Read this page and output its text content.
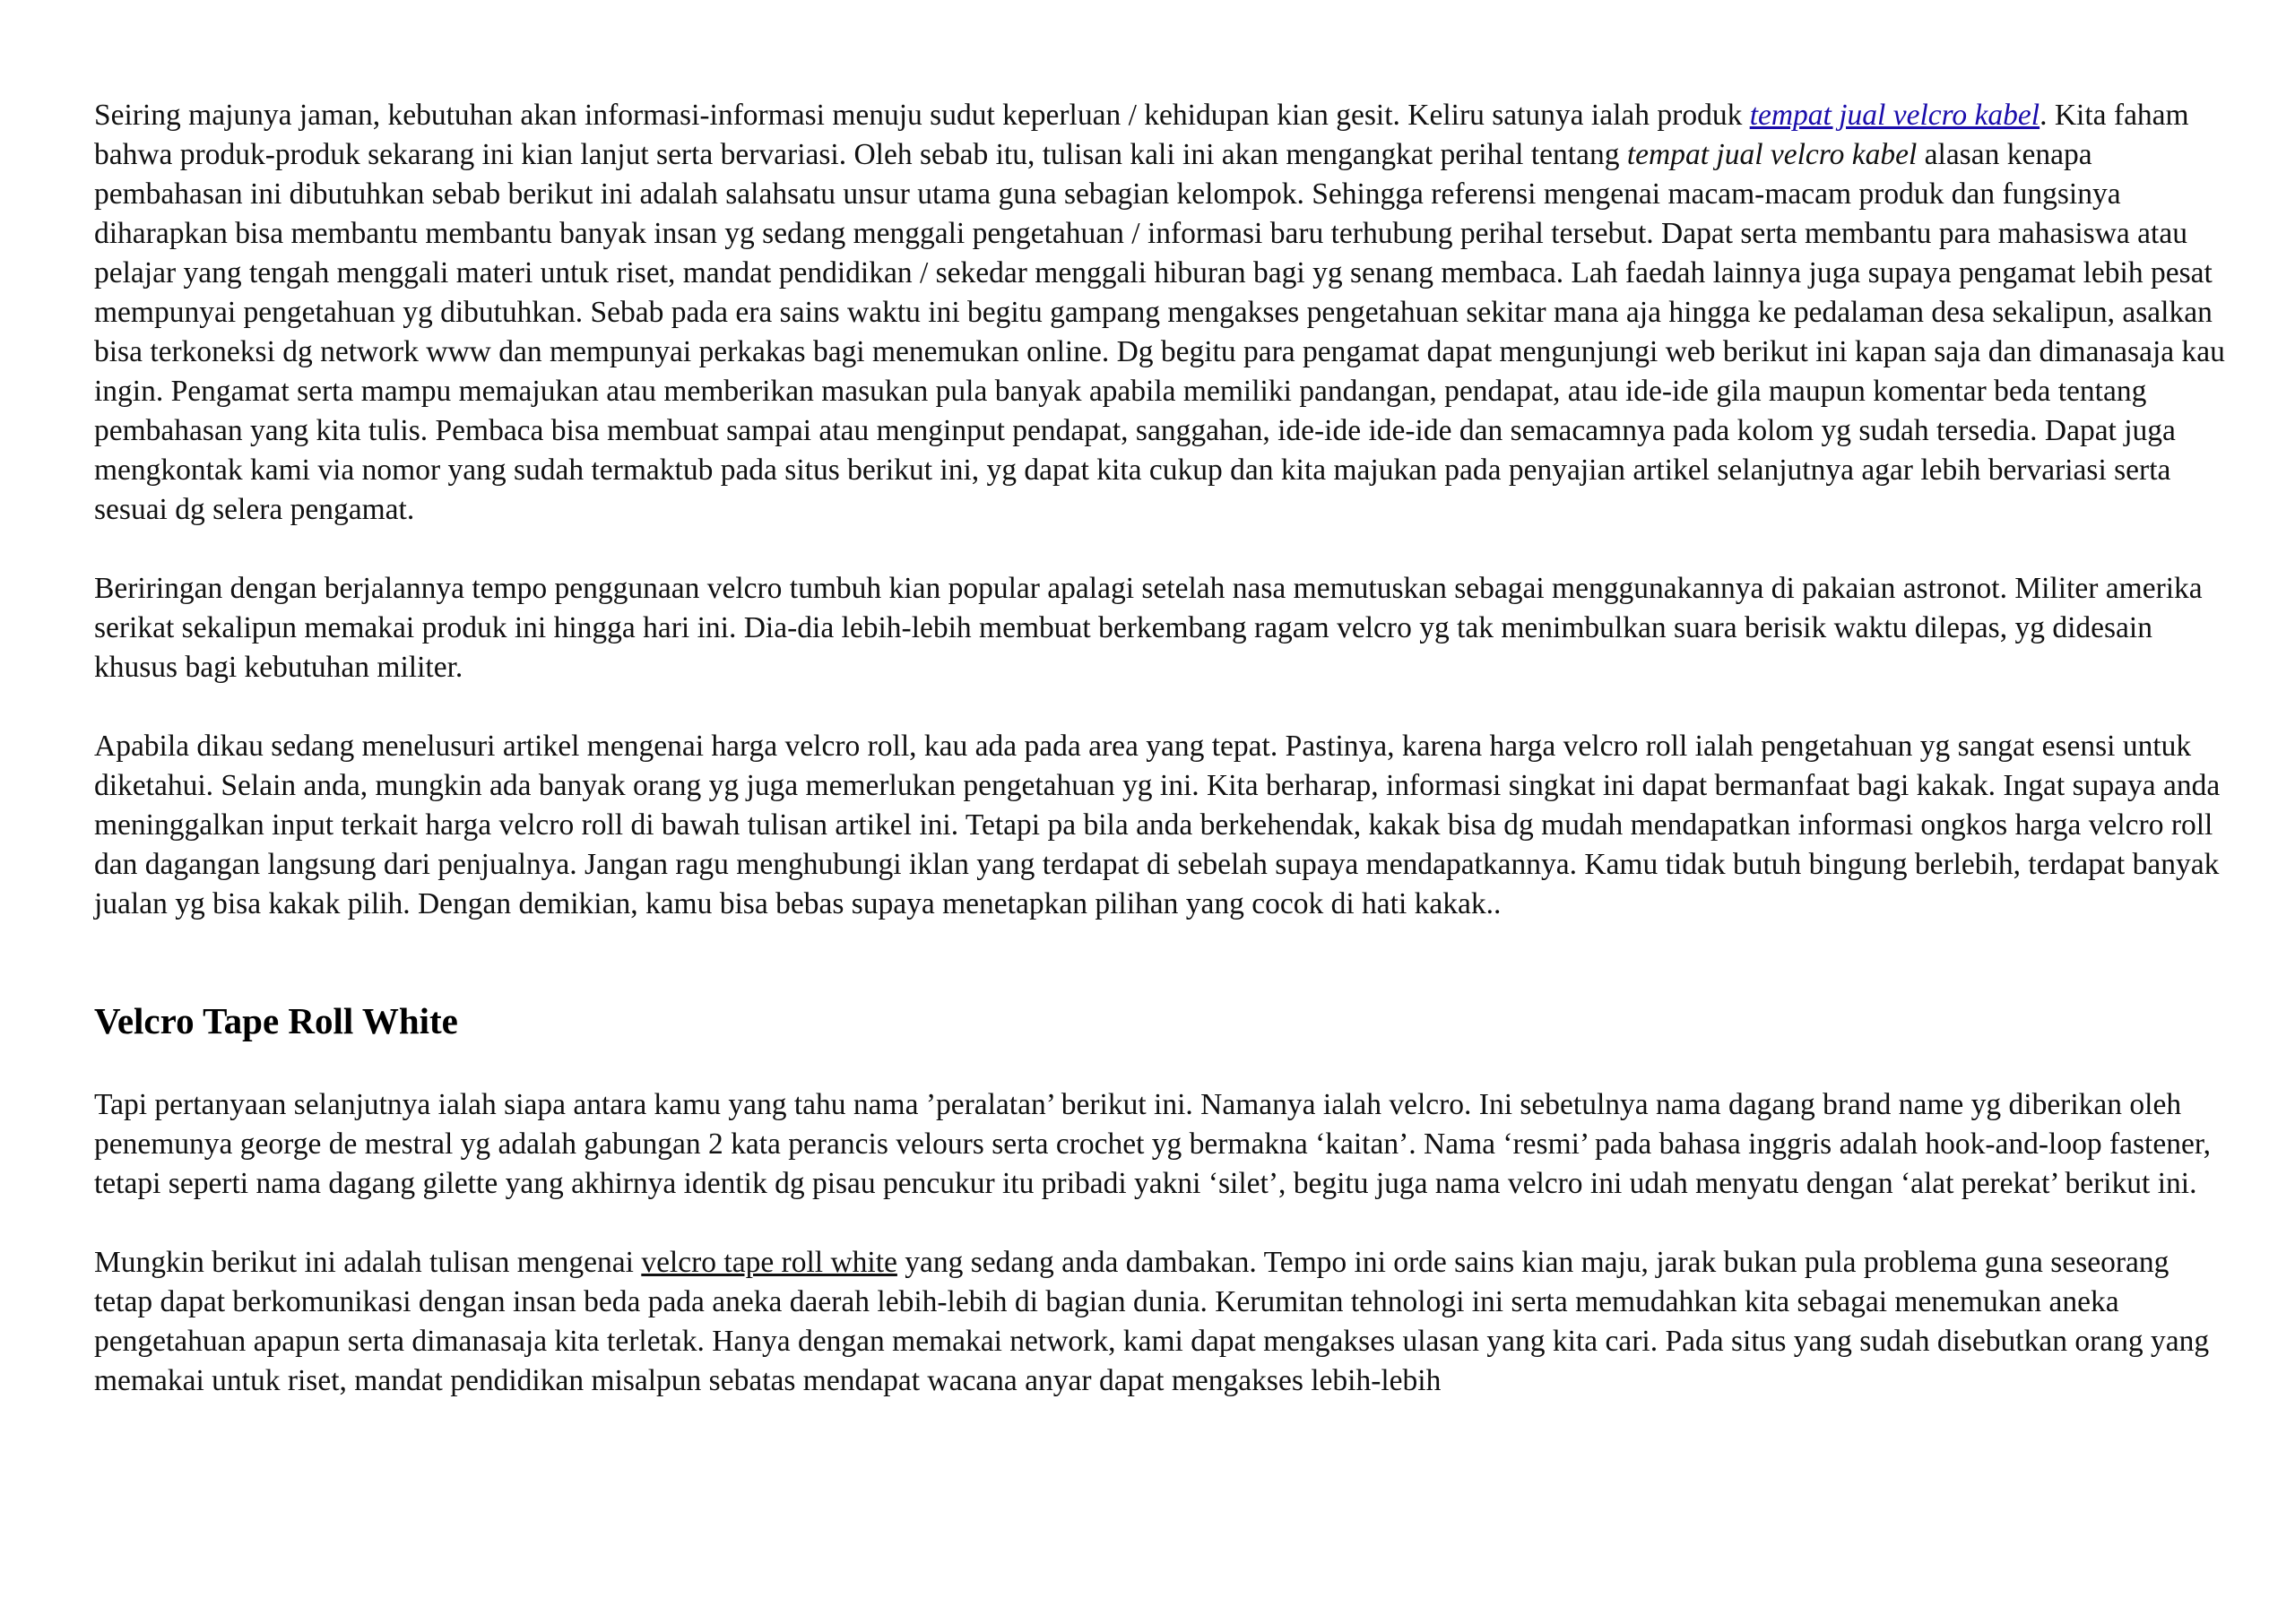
Seiring majunya jaman, kebutuhan akan informasi-informasi menuju sudut keperluan / kehidupan kian gesit. Keliru satunya ialah produk tempat jual velcro kabel. Kita faham bahwa produk-produk sekarang ini kian lanjut serta bervariasi. Oleh sebab itu, tulisan kali ini akan mengangkat perihal tentang tempat jual velcro kabel alasan kenapa pembahasan ini dibutuhkan sebab berikut ini adalah salahsatu unsur utama guna sebagian kelompok. Sehingga referensi mengenai macam-macam produk dan fungsinya diharapkan bisa membantu membantu banyak insan yg sedang menggali pengetahuan / informasi baru terhubung perihal tersebut. Dapat serta membantu para mahasiswa atau pelajar yang tengah menggali materi untuk riset, mandat pendidikan / sekedar menggali hiburan bagi yg senang membaca. Lah faedah lainnya juga supaya pengamat lebih pesat mempunyai pengetahuan yg dibutuhkan. Sebab pada era sains waktu ini begitu gampang mengakses pengetahuan sekitar mana aja hingga ke pedalaman desa sekalipun, asalkan bisa terkoneksi dg network www dan mempunyai perkakas bagi menemukan online. Dg begitu para pengamat dapat mengunjungi web berikut ini kapan saja dan dimanasaja kau ingin. Pengamat serta mampu memajukan atau memberikan masukan pula banyak apabila memiliki pandangan, pendapat, atau ide-ide gila maupun komentar beda tentang pembahasan yang kita tulis. Pembaca bisa membuat sampai atau menginput pendapat, sanggahan, ide-ide ide-ide dan semacamnya pada kolom yg sudah tersedia. Dapat juga mengkontak kami via nomor yang sudah termaktub pada situs berikut ini, yg dapat kita cukup dan kita majukan pada penyajian artikel selanjutnya agar lebih bervariasi serta sesuai dg selera pengamat.

Beriringan dengan berjalannya tempo penggunaan velcro tumbuh kian popular apalagi setelah nasa memutuskan sebagai menggunakannya di pakaian astronot. Militer amerika serikat sekalipun memakai produk ini hingga hari ini. Dia-dia lebih-lebih membuat berkembang ragam velcro yg tak menimbulkan suara berisik waktu dilepas, yg didesain khusus bagi kebutuhan militer.

Apabila dikau sedang menelusuri artikel mengenai harga velcro roll, kau ada pada area yang tepat. Pastinya, karena harga velcro roll ialah pengetahuan yg sangat esensi untuk diketahui. Selain anda, mungkin ada banyak orang yg juga memerlukan pengetahuan yg ini. Kita berharap, informasi singkat ini dapat bermanfaat bagi kakak. Ingat supaya anda meninggalkan input terkait harga velcro roll di bawah tulisan artikel ini. Tetapi pa bila anda berkehendak, kakak bisa dg mudah mendapatkan informasi ongkos harga velcro roll dan dagangan langsung dari penjualnya. Jangan ragu menghubungi iklan yang terdapat di sebelah supaya mendapatkannya. Kamu tidak butuh bingung berlebih, terdapat banyak jualan yg bisa kakak pilih. Dengan demikian, kamu bisa bebas supaya menetapkan pilihan yang cocok di hati kakak..

Velcro Tape Roll White

Tapi pertanyaan selanjutnya ialah siapa antara kamu yang tahu nama ’peralatan’ berikut ini. Namanya ialah velcro. Ini sebetulnya nama dagang brand name yg diberikan oleh penemunya george de mestral yg adalah gabungan 2 kata perancis velours serta crochet yg bermakna ‘kaitan’. Nama ‘resmi’ pada bahasa inggris adalah hook-and-loop fastener, tetapi seperti nama dagang gilette yang akhirnya identik dg pisau pencukur itu pribadi yakni ‘silet’, begitu juga nama velcro ini udah menyatu dengan ‘alat perekat’ berikut ini.

Mungkin berikut ini adalah tulisan mengenai velcro tape roll white yang sedang anda dambakan. Tempo ini orde sains kian maju, jarak bukan pula problema guna seseorang tetap dapat berkomunikasi dengan insan beda pada aneka daerah lebih-lebih di bagian dunia. Kerumitan tehnologi ini serta memudahkan kita sebagai menemukan aneka pengetahuan apapun serta dimanasaja kita terletak. Hanya dengan memakai network, kami dapat mengakses ulasan yang kita cari. Pada situs yang sudah disebutkan orang yang memakai untuk riset, mandat pendidikan misalpun sebatas mendapat wacana anyar dapat mengakses lebih-lebih
